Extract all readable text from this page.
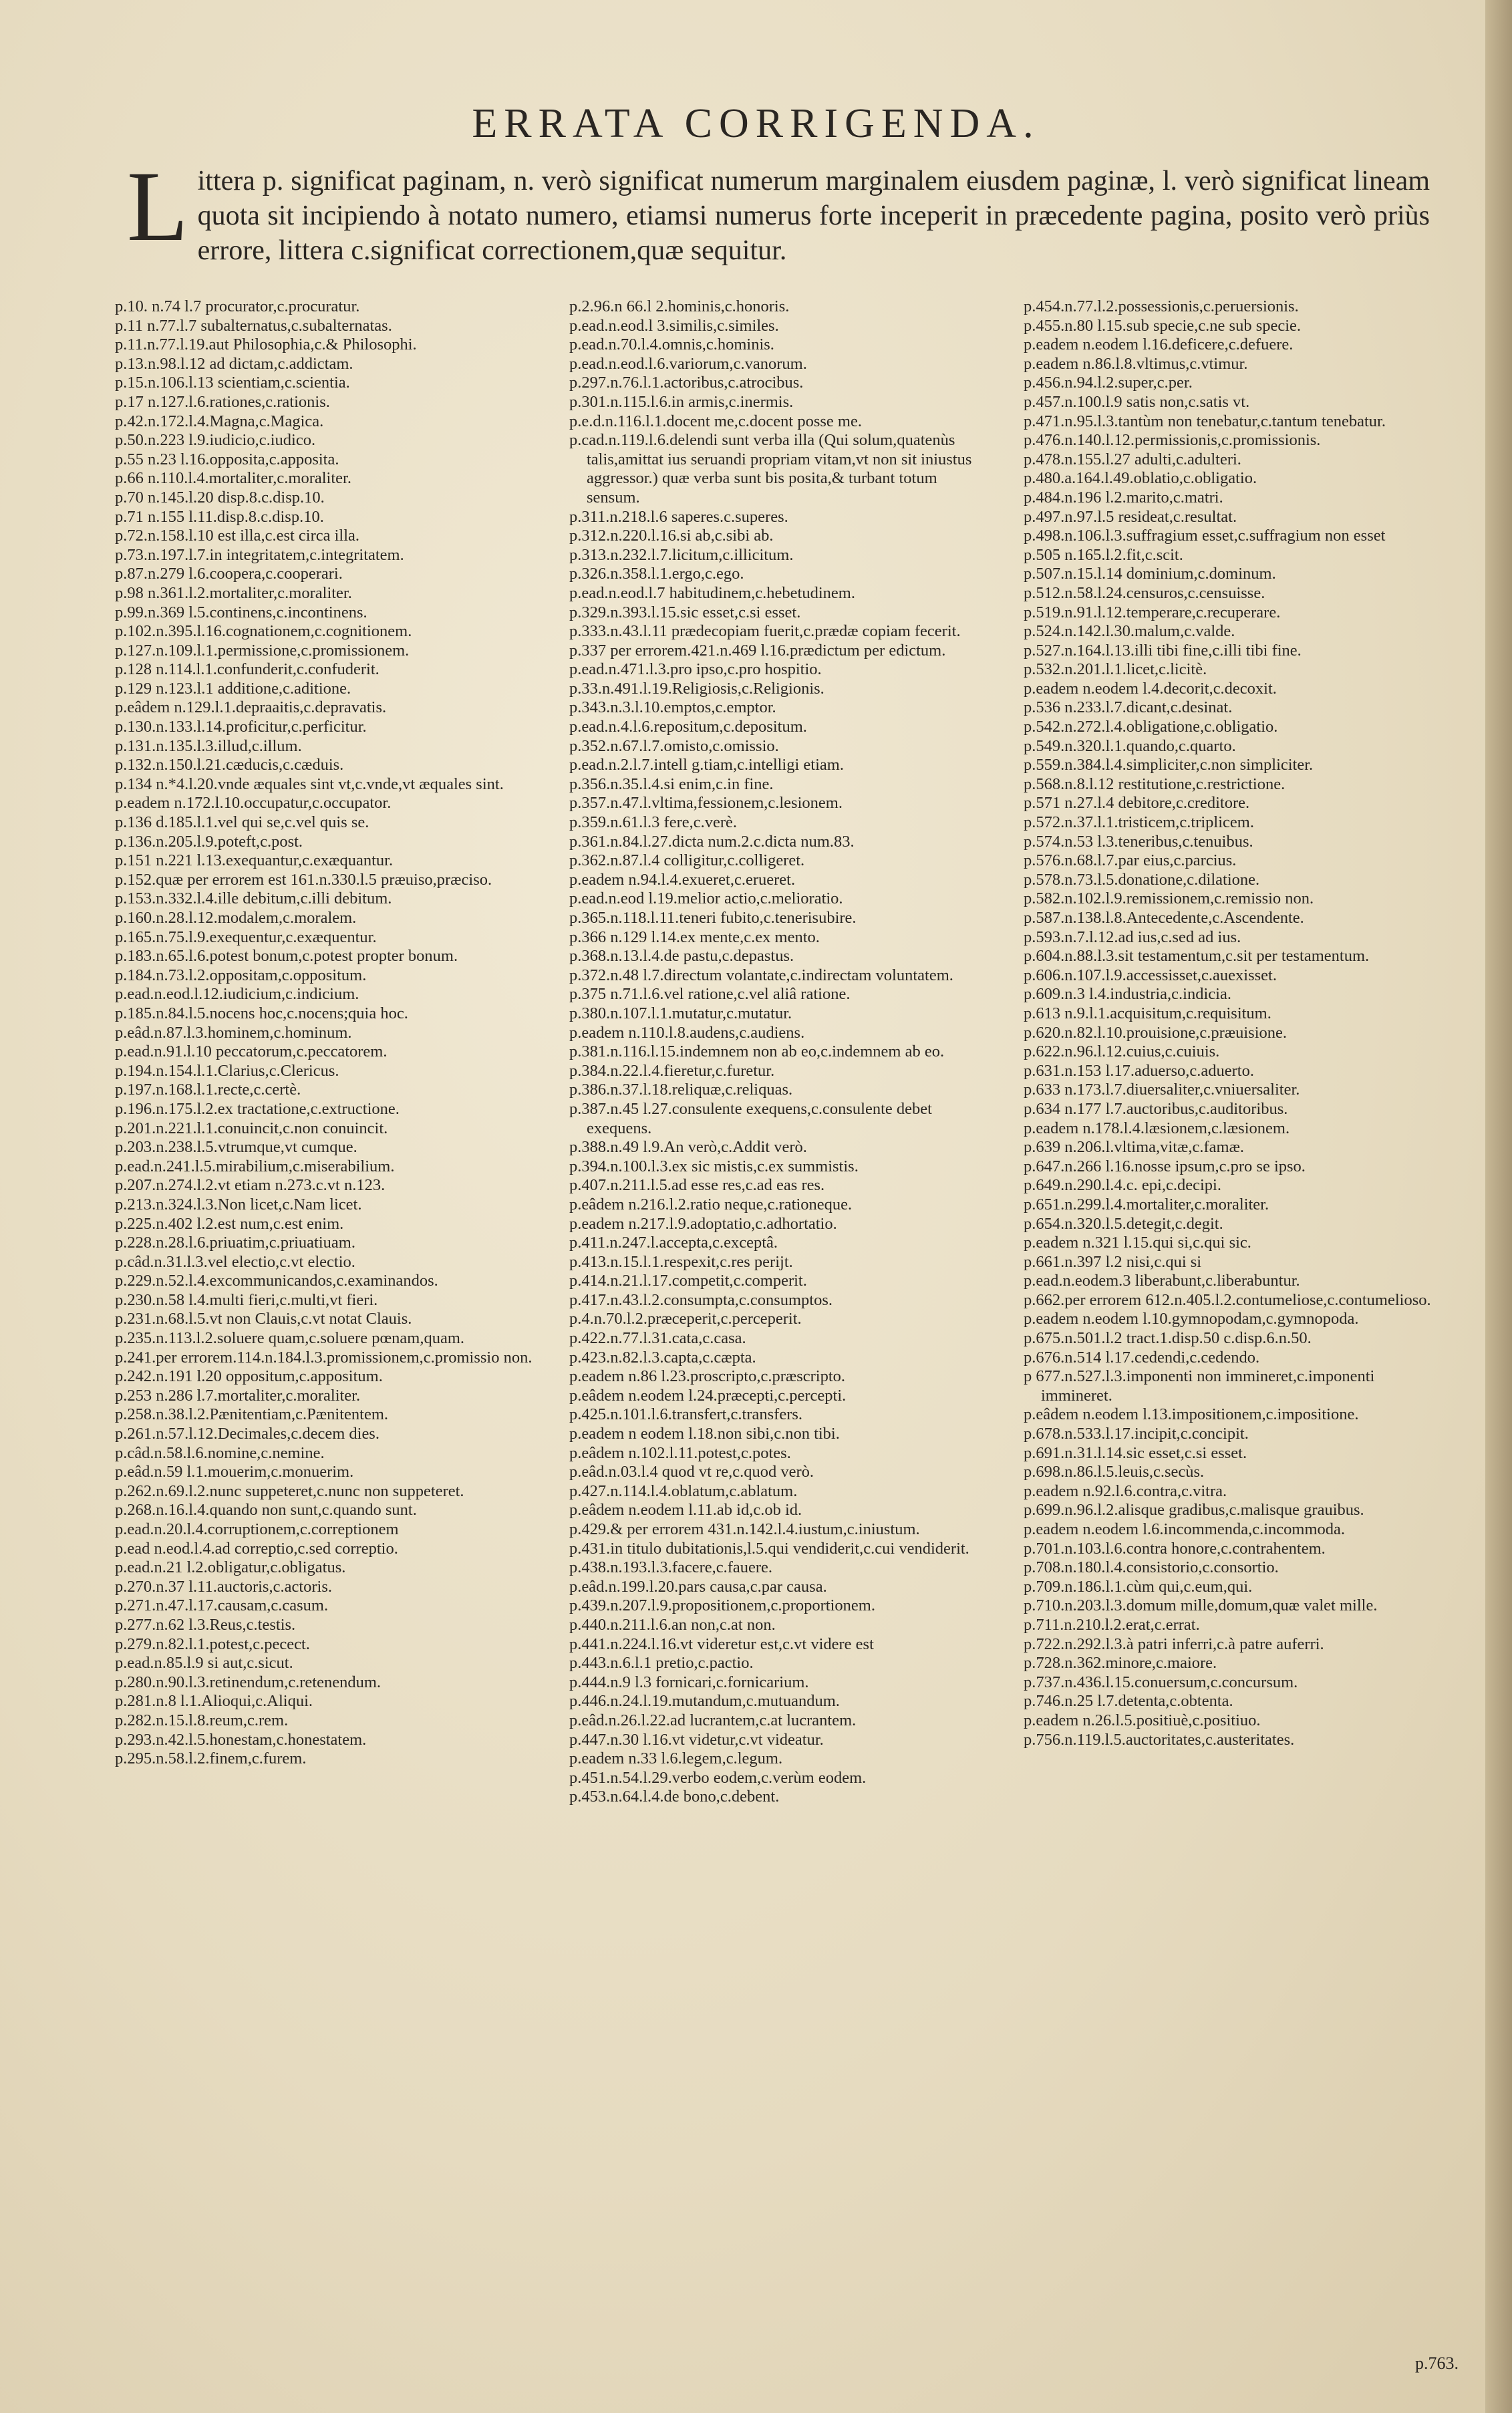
ERRATA CORRIGENDA.
Littera p. significat paginam, n. verò significat numerum marginalem eiusdem paginæ, l. verò significat lineam quota sit incipiendo à notato numero, etiamsi numerus forte inceperit in præcedente pagina, posito verò priùs errore, littera c.significat correctionem,quæ sequitur.
p.10. n.74 l.7 procurator,c.procuratur.
p.11 n.77.l.7 subalternatus,c.subalternatas.
p.11.n.77.l.19.aut Philosophia,c.& Philosophi.
p.13.n.98.l.12 ad dictam,c.addictam.
p.15.n.106.l.13 scientiam,c.scientia.
p.17 n.127.l.6.rationes,c.rationis.
p.42.n.172.l.4.Magna,c.Magica.
p.50.n.223 l.9.iudicio,c.iudico.
p.55 n.23 l.16.opposita,c.apposita.
p.66 n.110.l.4.mortaliter,c.moraliter.
p.70 n.145.l.20 disp.8.c.disp.10.
p.71 n.155 l.11.disp.8.c.disp.10.
p.72.n.158.l.10 est illa,c.est circa illa.
p.73.n.197.l.7.in integritatem,c.integritatem.
p.87.n.279 l.6.coopera,c.cooperari.
p.98 n.361.l.2.mortaliter,c.moraliter.
p.99.n.369 l.5.continens,c.incontinens.
p.102.n.395.l.16.cognationem,c.cognitionem.
p.127.n.109.l.1.permissione,c.promissionem.
p.128 n.114.l.1.confunderit,c.confuderit.
p.129 n.123.l.1 additione,c.aditione.
p.eâdem n.129.l.1.depraaitis,c.depravatis.
p.130.n.133.l.14.proficitur,c.perficitur.
p.131.n.135.l.3.illud,c.illum.
p.132.n.150.l.21.cæducis,c.cæduis.
p.134 n.*4.l.20.vnde æquales sint vt,c.vnde,vt æquales sint.
p.eadem n.172.l.10.occupatur,c.occupator.
p.136 d.185.l.1.vel qui se,c.vel quis se.
p.136.n.205.l.9.poteft,c.post.
p.151 n.221 l.13.exequantur,c.exæquantur.
p.152.quæ per errorem est 161.n.330.l.5 præuiso,præciso.
p.153.n.332.l.4.ille debitum,c.illi debitum.
p.160.n.28.l.12.modalem,c.moralem.
p.165.n.75.l.9.exequentur,c.exæquentur.
p.183.n.65.l.6.potest bonum,c.potest propter bonum.
p.184.n.73.l.2.oppositam,c.oppositum.
p.ead.n.eod.l.12.iudicium,c.indicium.
p.185.n.84.l.5.nocens hoc,c.nocens;quia hoc.
p.eâd.n.87.l.3.hominem,c.hominum.
p.ead.n.91.l.10 peccatorum,c.peccatorem.
p.194.n.154.l.1.Clarius,c.Clericus.
p.197.n.168.l.1.recte,c.certè.
p.196.n.175.l.2.ex tractatione,c.extructione.
p.201.n.221.l.1.conuincit,c.non conuincit.
p.203.n.238.l.5.vtrumque,vt cumque.
p.ead.n.241.l.5.mirabilium,c.miserabilium.
p.207.n.274.l.2.vt etiam n.273.c.vt n.123.
p.213.n.324.l.3.Non licet,c.Nam licet.
p.225.n.402 l.2.est num,c.est enim.
p.228.n.28.l.6.priuatim,c.priuatiuam.
p.câd.n.31.l.3.vel electio,c.vt electio.
p.229.n.52.l.4.excommunicandos,c.examinandos.
p.230.n.58 l.4.multi fieri,c.multi,vt fieri.
p.231.n.68.l.5.vt non Clauis,c.vt notat Clauis.
p.235.n.113.l.2.soluere quam,c.soluere pœnam,quam.
p.241.per errorem.114.n.184.l.3.promissionem,c.promissio non.
p.242.n.191 l.20 oppositum,c.appositum.
p.253 n.286 l.7.mortaliter,c.moraliter.
p.258.n.38.l.2.Pænitentiam,c.Pænitentem.
p.261.n.57.l.12.Decimales,c.decem dies.
p.câd.n.58.l.6.nomine,c.nemine.
p.eâd.n.59 l.1.mouerim,c.monuerim.
p.262.n.69.l.2.nunc suppeteret,c.nunc non suppeteret.
p.268.n.16.l.4.quando non sunt,c.quando sunt.
p.ead.n.20.l.4.corruptionem,c.correptionem
p.ead n.eod.l.4.ad correptio,c.sed correptio.
p.ead.n.21 l.2.obligatur,c.obligatus.
p.270.n.37 l.11.auctoris,c.actoris.
p.271.n.47.l.17.causam,c.casum.
p.277.n.62 l.3.Reus,c.testis.
p.279.n.82.l.1.potest,c.pecect.
p.ead.n.85.l.9 si aut,c.sicut.
p.280.n.90.l.3.retinendum,c.retenendum.
p.281.n.8 l.1.Alioqui,c.Aliqui.
p.282.n.15.l.8.reum,c.rem.
p.293.n.42.l.5.honestam,c.honestatem.
p.295.n.58.l.2.finem,c.furem.
p.2.96.n 66.l 2.hominis,c.honoris.
p.ead.n.eod.l 3.similis,c.similes.
p.ead.n.70.l.4.omnis,c.hominis.
p.ead.n.eod.l.6.variorum,c.vanorum.
p.297.n.76.l.1.actoribus,c.atrocibus.
p.301.n.115.l.6.in armis,c.inermis.
p.e.d.n.116.l.1.docent me,c.docent posse me.
p.cad.n.119.l.6.delendi sunt verba illa (Qui solum,quatenùs talis,amittat ius seruandi propriam vitam,vt non sit iniustus aggressor.) quæ verba sunt bis posita,& turbant totum sensum.
p.311.n.218.l.6 saperes.c.superes.
p.312.n.220.l.16.si ab,c.sibi ab.
p.313.n.232.l.7.licitum,c.illicitum.
p.326.n.358.l.1.ergo,c.ego.
p.ead.n.eod.l.7 habitudinem,c.hebetudinem.
p.329.n.393.l.15.sic esset,c.si esset.
p.333.n.43.l.11 prædecopiam fuerit,c.prædæ copiam fecerit.
p.337 per errorem.421.n.469 l.16.prædictum per edictum.
p.ead.n.471.l.3.pro ipso,c.pro hospitio.
p.33.n.491.l.19.Religiosis,c.Religionis.
p.343.n.3.l.10.emptos,c.emptor.
p.ead.n.4.l.6.repositum,c.depositum.
p.352.n.67.l.7.omisto,c.omissio.
p.ead.n.2.l.7.intell g.tiam,c.intelligi etiam.
p.356.n.35.l.4.si enim,c.in fine.
p.357.n.47.l.vltima,fessionem,c.lesionem.
p.359.n.61.l.3 fere,c.verè.
p.361.n.84.l.27.dicta num.2.c.dicta num.83.
p.362.n.87.l.4 colligitur,c.colligeret.
p.eadem n.94.l.4.exueret,c.erueret.
p.ead.n.eod l.19.melior actio,c.melioratio.
p.365.n.118.l.11.teneri fubito,c.tenerisubire.
p.366 n.129 l.14.ex mente,c.ex mento.
p.368.n.13.l.4.de pastu,c.depastus.
p.372.n.48 l.7.directum volantate,c.indirectam voluntatem.
p.375 n.71.l.6.vel ratione,c.vel aliâ ratione.
p.380.n.107.l.1.mutatur,c.mutatur.
p.eadem n.110.l.8.audens,c.audiens.
p.381.n.116.l.15.indemnem non ab eo,c.indemnem ab eo.
p.384.n.22.l.4.fieretur,c.furetur.
p.386.n.37.l.18.reliquæ,c.reliquas.
p.387.n.45 l.27.consulente exequens,c.consulente debet exequens.
p.388.n.49 l.9.An verò,c.Addit verò.
p.394.n.100.l.3.ex sic mistis,c.ex summistis.
p.407.n.211.l.5.ad esse res,c.ad eas res.
p.eâdem n.216.l.2.ratio neque,c.rationeque.
p.eadem n.217.l.9.adoptatio,c.adhortatio.
p.411.n.247.l.accepta,c.exceptâ.
p.413.n.15.l.1.respexit,c.res perijt.
p.414.n.21.l.17.competit,c.comperit.
p.417.n.43.l.2.consumpta,c.consumptos.
p.4.n.70.l.2.præceperit,c.perceperit.
p.422.n.77.l.31.cata,c.casa.
p.423.n.82.l.3.capta,c.cæpta.
p.eadem n.86 l.23.proscripto,c.præscripto.
p.eâdem n.eodem l.24.præcepti,c.percepti.
p.425.n.101.l.6.transfert,c.transfers.
p.eadem n eodem l.18.non sibi,c.non tibi.
p.eâdem n.102.l.11.potest,c.potes.
p.eâd.n.03.l.4 quod vt re,c.quod verò.
p.427.n.114.l.4.oblatum,c.ablatum.
p.eâdem n.eodem l.11.ab id,c.ob id.
p.429.& per errorem 431.n.142.l.4.iustum,c.iniustum.
p.431.in titulo dubitationis,l.5.qui vendiderit,c.cui vendiderit.
p.438.n.193.l.3.facere,c.fauere.
p.eâd.n.199.l.20.pars causa,c.par causa.
p.439.n.207.l.9.propositionem,c.proportionem.
p.440.n.211.l.6.an non,c.at non.
p.441.n.224.l.16.vt videretur est,c.vt videre est
p.443.n.6.l.1 pretio,c.pactio.
p.444.n.9 l.3 fornicari,c.fornicarium.
p.446.n.24.l.19.mutandum,c.mutuandum.
p.eâd.n.26.l.22.ad lucrantem,c.at lucrantem.
p.447.n.30 l.16.vt videtur,c.vt videatur.
p.eadem n.33 l.6.legem,c.legum.
p.451.n.54.l.29.verbo eodem,c.verùm eodem.
p.453.n.64.l.4.de bono,c.debent.
p.454.n.77.l.2.possessionis,c.peruersionis.
p.455.n.80 l.15.sub specie,c.ne sub specie.
p.eadem n.eodem l.16.deficere,c.defuere.
p.eadem n.86.l.8.vltimus,c.vtimur.
p.456.n.94.l.2.super,c.per.
p.457.n.100.l.9 satis non,c.satis vt.
p.471.n.95.l.3.tantùm non tenebatur,c.tantum tenebatur.
p.476.n.140.l.12.permissionis,c.promissionis.
p.478.n.155.l.27 adulti,c.adulteri.
p.480.a.164.l.49.oblatio,c.obligatio.
p.484.n.196 l.2.marito,c.matri.
p.497.n.97.l.5 resideat,c.resultat.
p.498.n.106.l.3.suffragium esset,c.suffragium non esset
p.505 n.165.l.2.fit,c.scit.
p.507.n.15.l.14 dominium,c.dominum.
p.512.n.58.l.24.censuros,c.censuisse.
p.519.n.91.l.12.temperare,c.recuperare.
p.524.n.142.l.30.malum,c.valde.
p.527.n.164.l.13.illi tibi fine,c.illi tibi fine.
p.532.n.201.l.1.licet,c.licitè.
p.eadem n.eodem l.4.decorit,c.decoxit.
p.536 n.233.l.7.dicant,c.desinat.
p.542.n.272.l.4.obligatione,c.obligatio.
p.549.n.320.l.1.quando,c.quarto.
p.559.n.384.l.4.simpliciter,c.non simpliciter.
p.568.n.8.l.12 restitutione,c.restrictione.
p.571 n.27.l.4 debitore,c.creditore.
p.572.n.37.l.1.tristicem,c.triplicem.
p.574.n.53 l.3.teneribus,c.tenuibus.
p.576.n.68.l.7.par eius,c.parcius.
p.578.n.73.l.5.donatione,c.dilatione.
p.582.n.102.l.9.remissionem,c.remissio non.
p.587.n.138.l.8.Antecedente,c.Ascendente.
p.593.n.7.l.12.ad ius,c.sed ad ius.
p.604.n.88.l.3.sit testamentum,c.sit per testamentum.
p.606.n.107.l.9.accessisset,c.auexisset.
p.609.n.3 l.4.industria,c.indicia.
p.613 n.9.l.1.acquisitum,c.requisitum.
p.620.n.82.l.10.prouisione,c.præuisione.
p.622.n.96.l.12.cuius,c.cuiuis.
p.631.n.153 l.17.aduerso,c.aduerto.
p.633 n.173.l.7.diuersaliter,c.vniuersaliter.
p.634 n.177 l.7.auctoribus,c.auditoribus.
p.eadem n.178.l.4.læsionem,c.læsionem.
p.639 n.206.l.vltima,vitæ,c.famæ.
p.647.n.266 l.16.nosse ipsum,c.pro se ipso.
p.649.n.290.l.4.c. epi,c.decipi.
p.651.n.299.l.4.mortaliter,c.moraliter.
p.654.n.320.l.5.detegit,c.degit.
p.eadem n.321 l.15.qui si,c.qui sic.
p.661.n.397 l.2 nisi,c.qui si
p.ead.n.eodem.3 liberabunt,c.liberabuntur.
p.662.per errorem 612.n.405.l.2.contumeliose,c.contumelioso.
p.eadem n.eodem l.10.gymnopodam,c.gymnopoda.
p.675.n.501.l.2 tract.1.disp.50 c.disp.6.n.50.
p.676.n.514 l.17.cedendi,c.cedendo.
p 677.n.527.l.3.imponenti non immineret,c.imponenti immineret.
p.eâdem n.eodem l.13.impositionem,c.impositione.
p.678.n.533.l.17.incipit,c.concipit.
p.691.n.31.l.14.sic esset,c.si esset.
p.698.n.86.l.5.leuis,c.secùs.
p.eadem n.92.l.6.contra,c.vitra.
p.699.n.96.l.2.alisque gradibus,c.malisque grauibus.
p.eadem n.eodem l.6.incommenda,c.incommoda.
p.701.n.103.l.6.contra honore,c.contrahentem.
p.708.n.180.l.4.consistorio,c.consortio.
p.709.n.186.l.1.cùm qui,c.eum,qui.
p.710.n.203.l.3.domum mille,domum,quæ valet mille.
p.711.n.210.l.2.erat,c.errat.
p.722.n.292.l.3.à patri inferri,c.à patre auferri.
p.728.n.362.minore,c.maiore.
p.737.n.436.l.15.conuersum,c.concursum.
p.746.n.25 l.7.detenta,c.obtenta.
p.eadem n.26.l.5.positiuè,c.positiuo.
p.756.n.119.l.5.auctoritates,c.austeritates.
p.763.
